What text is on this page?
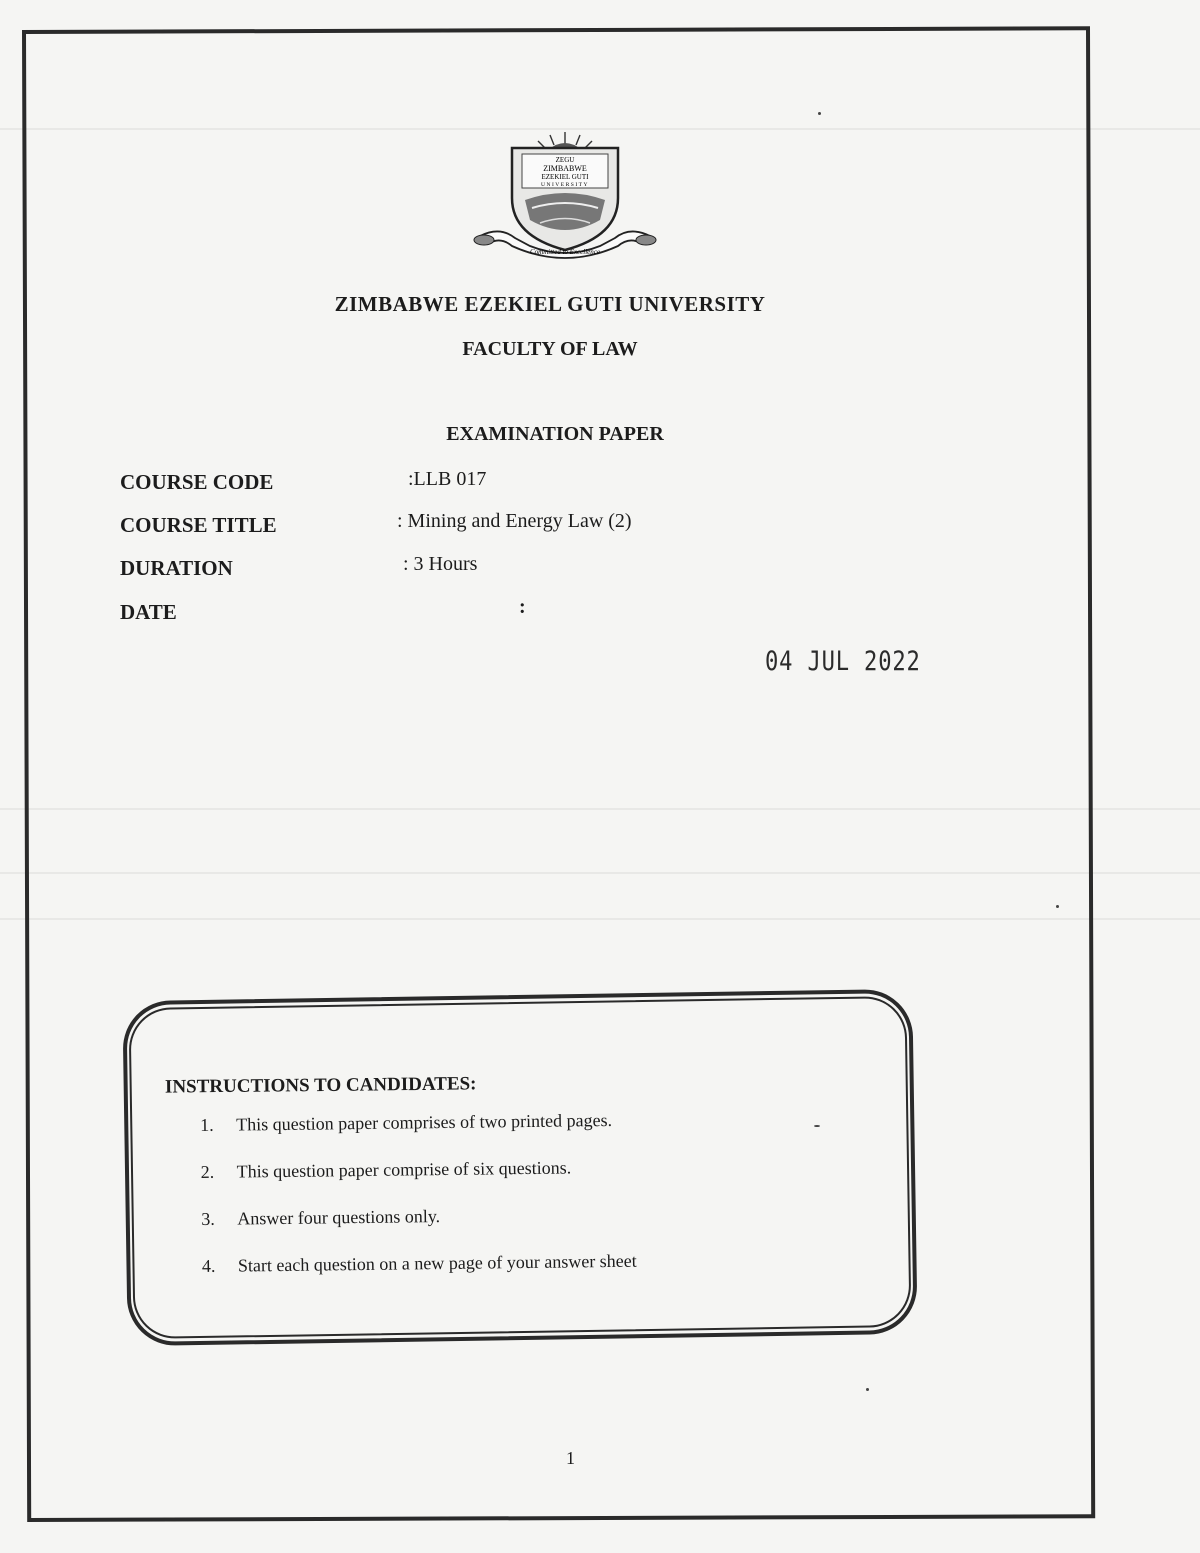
ZEGU
ZIMBABWE
EZEKIEL GUTI
UNIVERSITY
Committed to Excellence
ZIMBABWE EZEKIEL GUTI UNIVERSITY
FACULTY OF LAW
EXAMINATION PAPER
COURSE CODE	:LLB 017
COURSE TITLE	: Mining and Energy Law (2)
DURATION	: 3 Hours
DATE	:
04 JUL 2022
INSTRUCTIONS TO CANDIDATES:
1. This question paper comprises of two printed pages.
2. This question paper comprise of six questions.
3. Answer four questions only.
4. Start each question on a new page of your answer sheet
1
